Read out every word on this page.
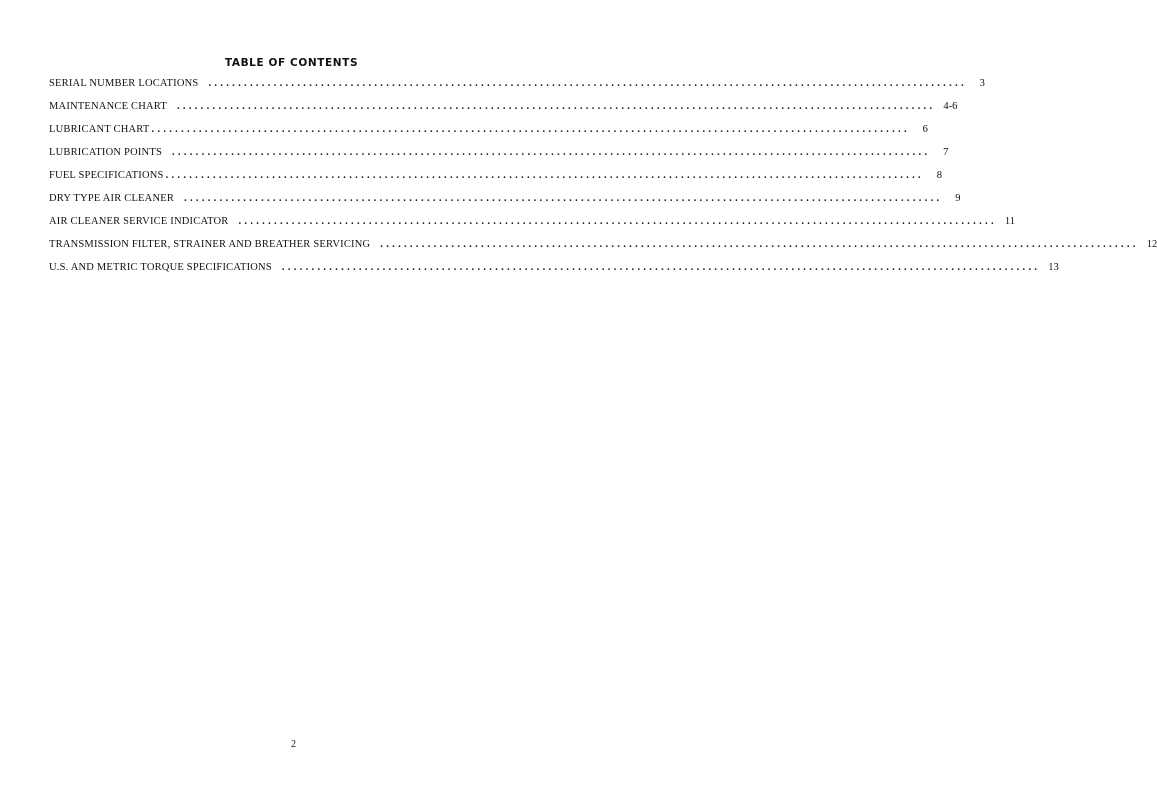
TABLE OF CONTENTS
SERIAL NUMBER LOCATIONS ................................................................................................................................	3
MAINTENANCE CHART ................................................................................................................................ 4-6
LUBRICANT CHART ................................................................................................................................	6
LUBRICATION POINTS ................................................................................................................................	7
FUEL SPECIFICATIONS ................................................................................................................................	8
DRY TYPE AIR CLEANER ................................................................................................................................	9
AIR CLEANER SERVICE INDICATOR ................................................................................................................................ 11
TRANSMISSION FILTER, STRAINER AND BREATHER SERVICING ................................................................................................................................ 12
U.S. AND METRIC TORQUE SPECIFICATIONS ................................................................................................................................ 13
2
